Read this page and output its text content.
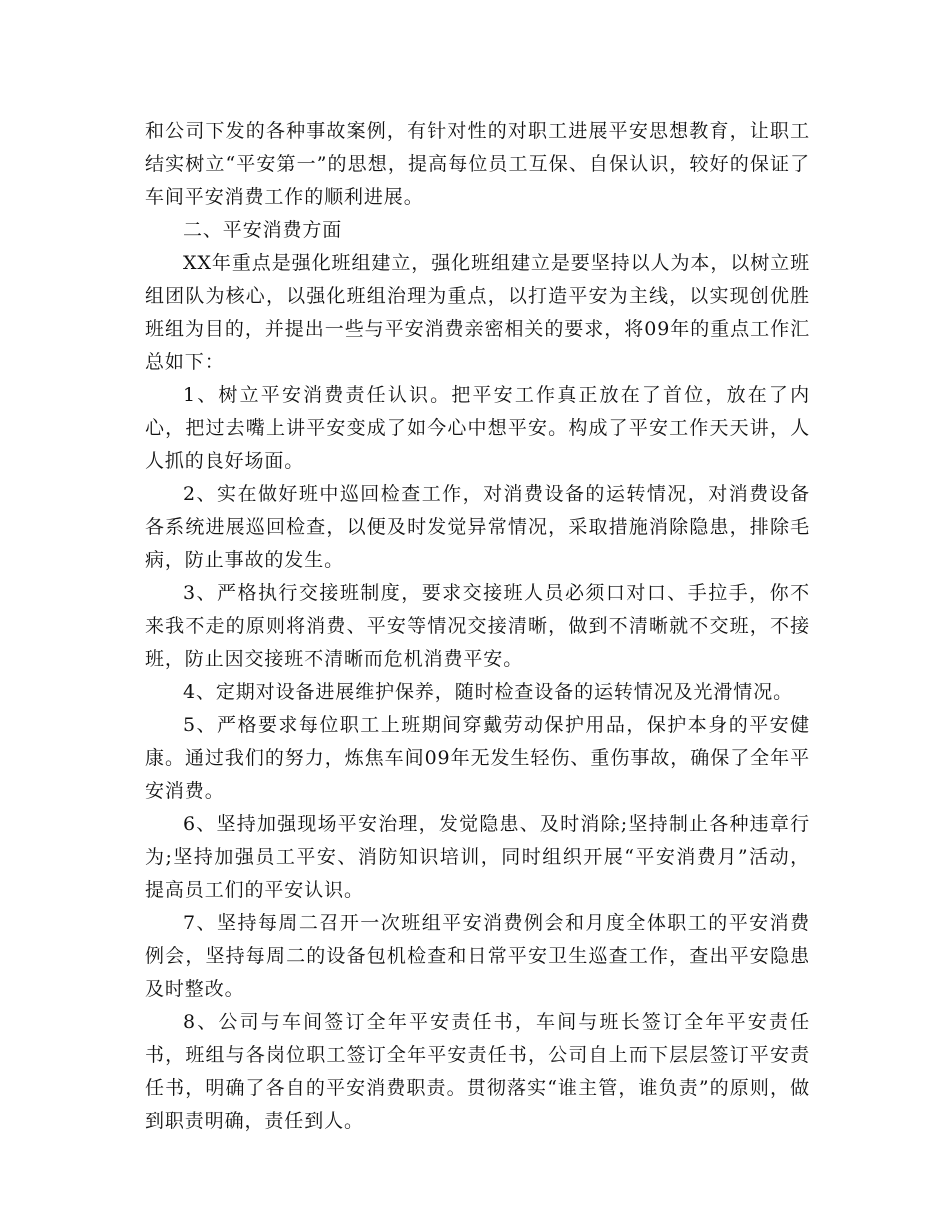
和公司下发的各种事故案例，有针对性的对职工进展平安思想教育，让职工结实树立“平安第一”的思想，提高每位员工互保、自保认识，较好的保证了车间平安消费工作的顺利进展。

二、平安消费方面

XX年重点是强化班组建立，强化班组建立是要坚持以人为本，以树立班组团队为核心，以强化班组治理为重点，以打造平安为主线，以实现创优胜班组为目的，并提出一些与平安消费亲密相关的要求，将09年的重点工作汇总如下：

1、树立平安消费责任认识。把平安工作真正放在了首位，放在了内心，把过去嘴上讲平安变成了如今心中想平安。构成了平安工作天天讲，人人抓的良好场面。

2、实在做好班中巡回检查工作，对消费设备的运转情况，对消费设备各系统进展巡回检查，以便及时发觉异常情况，采取措施消除隐患，排除毛病，防止事故的发生。

3、严格执行交接班制度，要求交接班人员必须口对口、手拉手，你不来我不走的原则将消费、平安等情况交接清晰，做到不清晰就不交班，不接班，防止因交接班不清晰而危机消费平安。

4、定期对设备进展维护保养，随时检查设备的运转情况及光滑情况。

5、严格要求每位职工上班期间穿戴劳动保护用品，保护本身的平安健康。通过我们的努力，炼焦车间09年无发生轻伤、重伤事故，确保了全年平安消费。

6、坚持加强现场平安治理，发觉隐患、及时消除;坚持制止各种违章行为;坚持加强员工平安、消防知识培训，同时组织开展“平安消费月”活动，提高员工们的平安认识。

7、坚持每周二召开一次班组平安消费例会和月度全体职工的平安消费例会，坚持每周二的设备包机检查和日常平安卫生巡查工作，查出平安隐患及时整改。

8、公司与车间签订全年平安责任书，车间与班长签订全年平安责任书，班组与各岗位职工签订全年平安责任书，公司自上而下层层签订平安责任书，明确了各自的平安消费职责。贯彻落实“谁主管，谁负责”的原则，做到职责明确，责任到人。
